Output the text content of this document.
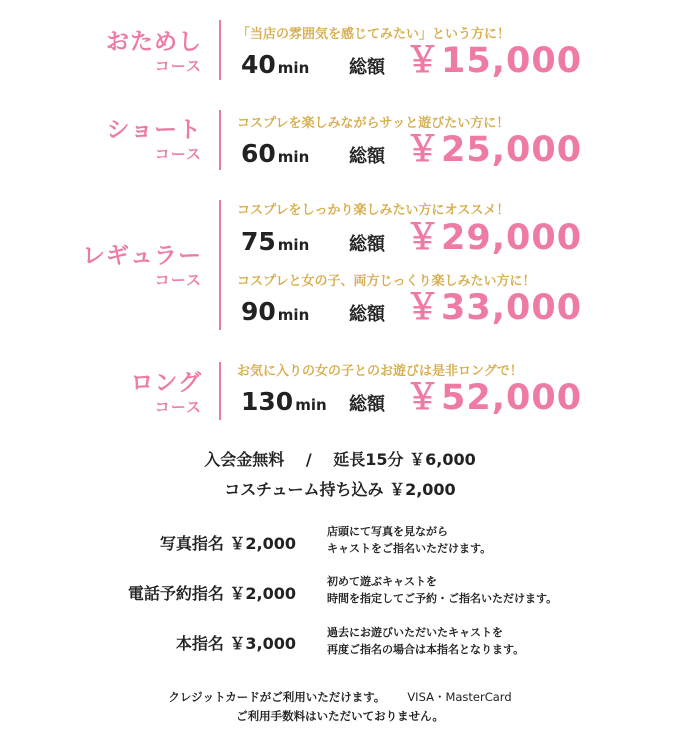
おためし
コース
「当店の雰囲気を感じてみたい」という方に！
40 min 総額 ￥15,000
ショート
コース
コスプレを楽しみながらサッと遊びたい方に！
60 min 総額 ￥25,000
レギュラー
コース
コスプレをしっかり楽しみたい方にオススメ！
75 min 総額 ￥29,000
コスプレと女の子、両方じっくり楽しみたい方に！
90 min 総額 ￥33,000
ロング
コース
お気に入りの女の子とのお遊びは是非ロングで！
130 min 総額 ￥52,000
入会金無料　 /　 延長15分 ￥6,000
コスチューム持ち込み ￥2,000
写真指名 ￥2,000
店頭にて写真を見ながら
キャストをご指名いただけます。
電話予約指名 ￥2,000
初めて遊ぶキャストを
時間を指定してご予約・ご指名いただけます。
本指名 ￥3,000
過去にお遊びいただいたキャストを
再度ご指名の場合は本指名となります。
クレジットカードがご利用いただけます。 VISA・MasterCard
ご利用手数料はいただいておりません。
